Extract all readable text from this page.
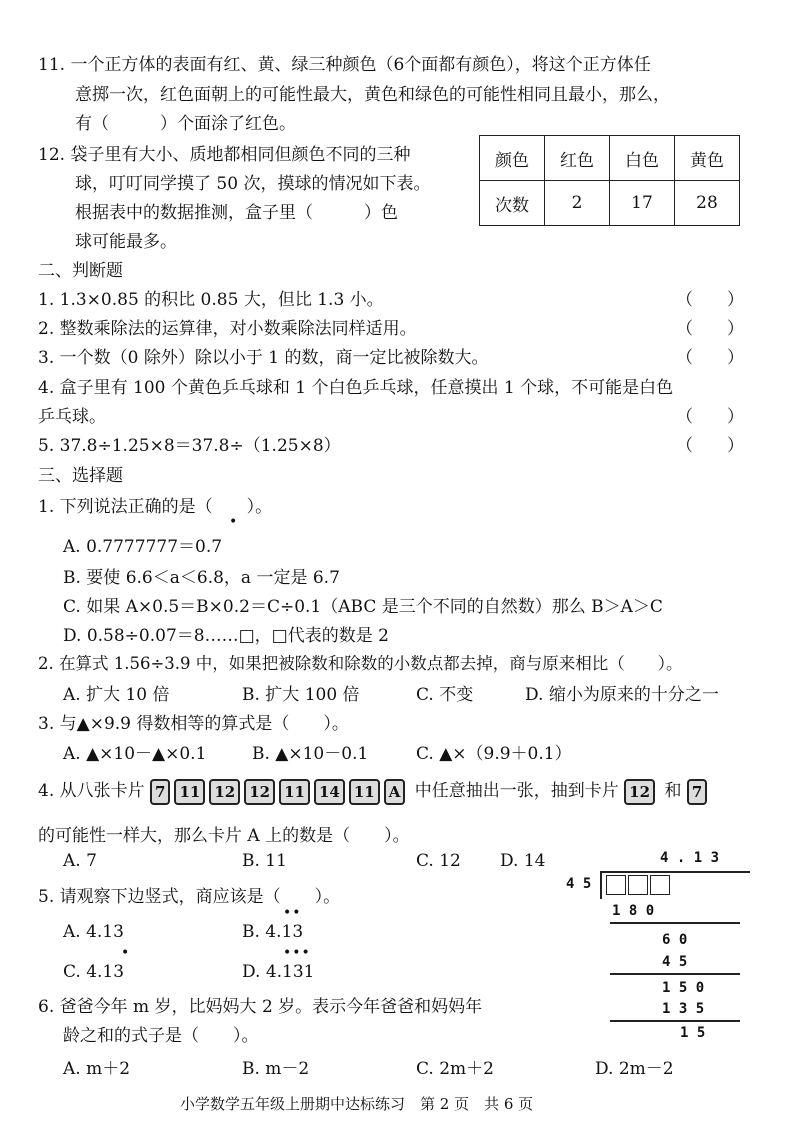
11. 一个正方体的表面有红、黄、绿三种颜色（6个面都有颜色），将这个正方体任
意掷一次，红色面朝上的可能性最大，黄色和绿色的可能性相同且最小，那么，
有（　　　）个面涂了红色。
12. 袋子里有大小、质地都相同但颜色不同的三种
球，叮叮同学摸了 50 次，摸球的情况如下表。
根据表中的数据推测，盒子里（　　　）色
球可能最多。
颜色	红色	白色	黄色
次数	2	17	28
二、判断题
1. 1.3×0.85 的积比 0.85 大，但比 1.3 小。	（　　）
2. 整数乘除法的运算律，对小数乘除法同样适用。	（　　）
3. 一个数（0 除外）除以小于 1 的数，商一定比被除数大。	（　　）
4. 盒子里有 100 个黄色乒乓球和 1 个白色乒乓球，任意摸出 1 个球，不可能是白色
乒乓球。	（　　）
5. 37.8÷1.25×8＝37.8÷（1.25×8）	（　　）
三、选择题
1. 下列说法正确的是（　　）。
A. 0.7777777＝0.7
•
B. 要使 6.6＜a＜6.8，a 一定是 6.7
C. 如果 A×0.5＝B×0.2＝C÷0.1（ABC 是三个不同的自然数）那么 B＞A＞C
D. 0.58÷0.07＝8……□，□代表的数是 2
2. 在算式 1.56÷3.9 中，如果把被除数和除数的小数点都去掉，商与原来相比（　　）。
A. 扩大 10 倍	B. 扩大 100 倍	C. 不变	D. 缩小为原来的十分之一
3. 与▲×9.9 得数相等的算式是（　　）。
A. ▲×10－▲×0.1	B. ▲×10－0.1	C. ▲×（9.9＋0.1）
4. 从八张卡片 7 11 12 12 11 14 11 A 中任意抽出一张，抽到卡片 12 和 7
的可能性一样大，那么卡片 A 上的数是（　　）。
A. 7	B. 11	C. 12 D. 14
5. 请观察下边竖式，商应该是（　　）。
A. 4.13	B. 4.13
••
C. 4.13
•
D. 4.131
•••
4 . 1 3
4 5
1 8 0
6 0
4 5
1 5 0
1 3 5
1 5
6. 爸爸今年 m 岁，比妈妈大 2 岁。表示今年爸爸和妈妈年
龄之和的式子是（　　）。
A. m＋2	B. m－2	C. 2m＋2	D. 2m－2
小学数学五年级上册期中达标练习　第 2 页　共 6 页
